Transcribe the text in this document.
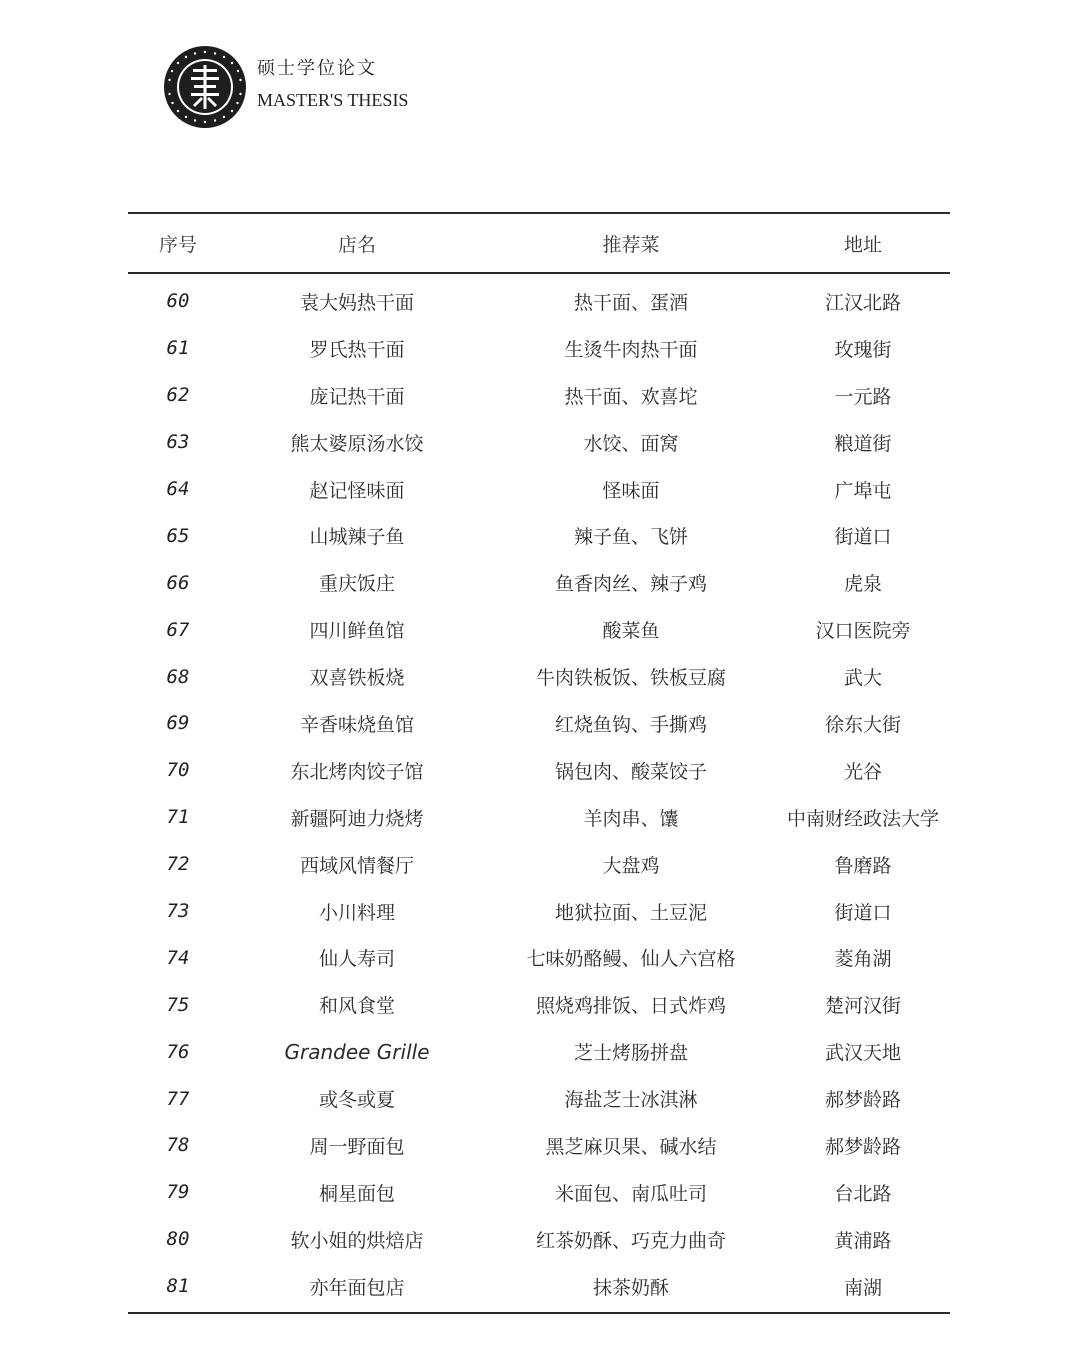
硕士学位论文
MASTER'S THESIS
序号	店名	推荐菜	地址
60	袁大妈热干面	热干面、蛋酒	江汉北路
61	罗氏热干面	生烫牛肉热干面	玫瑰街
62	庞记热干面	热干面、欢喜坨	一元路
63	熊太婆原汤水饺	水饺、面窝	粮道街
64	赵记怪味面	怪味面	广埠屯
65	山城辣子鱼	辣子鱼、飞饼	街道口
66	重庆饭庄	鱼香肉丝、辣子鸡	虎泉
67	四川鲜鱼馆	酸菜鱼	汉口医院旁
68	双喜铁板烧	牛肉铁板饭、铁板豆腐	武大
69	辛香味烧鱼馆	红烧鱼钩、手撕鸡	徐东大街
70	东北烤肉饺子馆	锅包肉、酸菜饺子	光谷
71	新疆阿迪力烧烤	羊肉串、馕	中南财经政法大学
72	西域风情餐厅	大盘鸡	鲁磨路
73	小川料理	地狱拉面、土豆泥	街道口
74	仙人寿司	七味奶酪鳗、仙人六宫格	菱角湖
75	和风食堂	照烧鸡排饭、日式炸鸡	楚河汉街
76	Grandee Grille	芝士烤肠拼盘	武汉天地
77	或冬或夏	海盐芝士冰淇淋	郝梦龄路
78	周一野面包	黑芝麻贝果、碱水结	郝梦龄路
79	桐星面包	米面包、南瓜吐司	台北路
80	软小姐的烘焙店	红茶奶酥、巧克力曲奇	黄浦路
81	亦年面包店	抹茶奶酥	南湖
